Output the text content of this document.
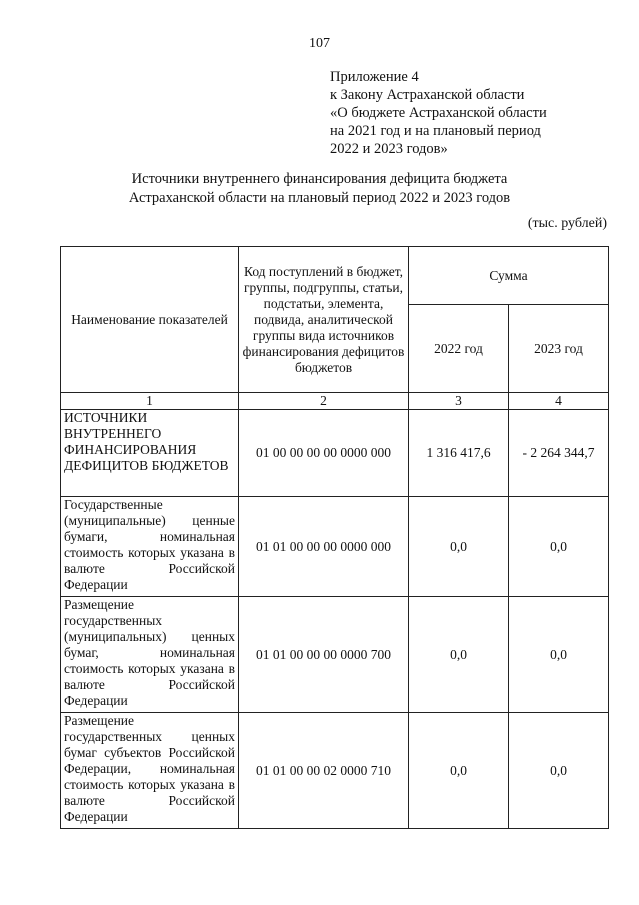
107
Приложение 4
к Закону Астраханской области
«О бюджете Астраханской области
на 2021 год и на плановый период
2022 и 2023 годов»
Источники внутреннего финансирования дефицита бюджета
Астраханской области на плановый период 2022 и 2023 годов
(тыс. рублей)
Наименование показателей	Код поступлений в бюджет, группы, подгруппы, статьи, подстатьи, элемента, подвида, аналитической группы вида источников финансирования дефицитов бюджетов	Сумма	
		2022 год	2023 год
1	2	3	4
ИСТОЧНИКИ ВНУТРЕННЕГО ФИНАНСИРОВАНИЯ ДЕФИЦИТОВ БЮДЖЕТОВ	01 00 00 00 00 0000 000	1 316 417,6	- 2 264 344,7
Государственные (муниципальные) ценные бумаги, номинальная стоимость которых указана в валюте Российской Федерации	01 01 00 00 00 0000 000	0,0	0,0
Размещение государственных (муниципальных) ценных бумаг, номинальная стоимость которых указана в валюте Российской Федерации	01 01 00 00 00 0000 700	0,0	0,0
Размещение государственных ценных бумаг субъектов Российской Федерации, номинальная стоимость которых указана в валюте Российской Федерации	01 01 00 00 02 0000 710	0,0	0,0
